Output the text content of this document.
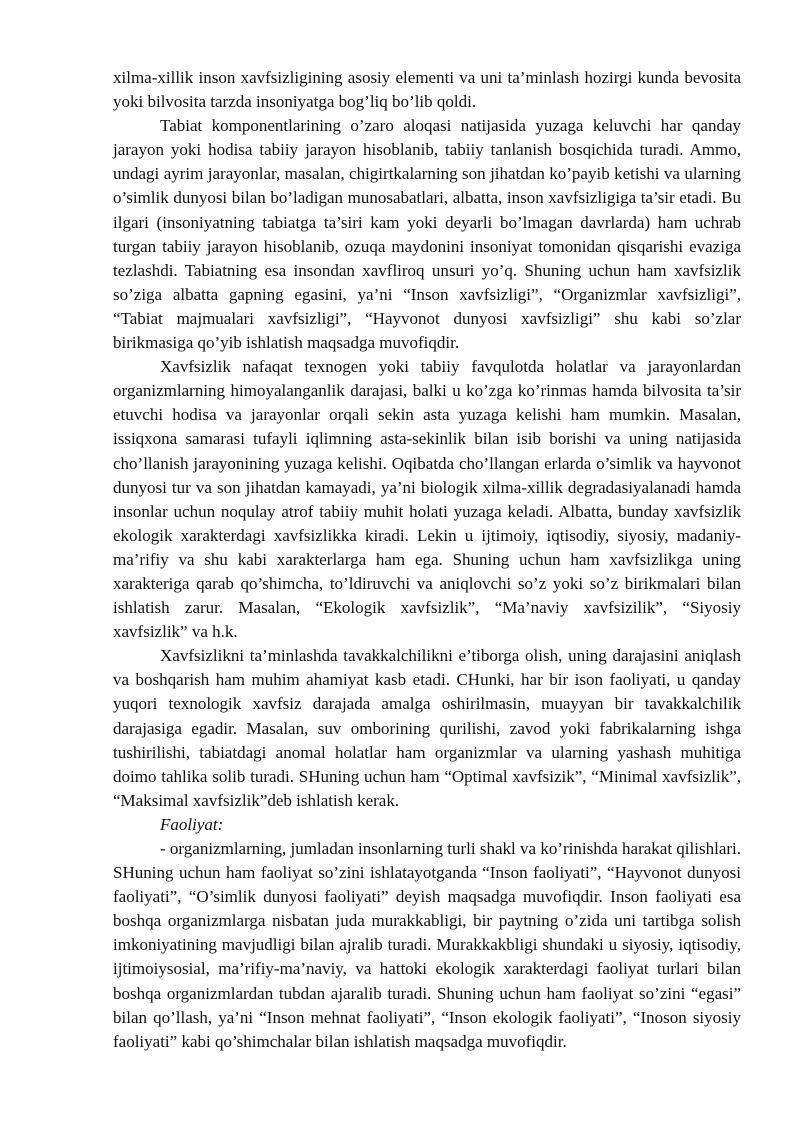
xilma-xillik inson xavfsizligining asosiy elementi va uni ta’minlash hozirgi kunda bevosita yoki bilvosita tarzda insoniyatga bog’liq bo’lib qoldi.

Tabiat komponentlarining o’zaro aloqasi natijasida yuzaga keluvchi har qanday jarayon yoki hodisa tabiiy jarayon hisoblanib, tabiiy tanlanish bosqichida turadi. Ammo, undagi ayrim jarayonlar, masalan, chigirtkalarning son jihatdan ko’payib ketishi va ularning o’simlik dunyosi bilan bo’ladigan munosabatlari, albatta, inson xavfsizligiga ta’sir etadi. Bu ilgari (insoniyatning tabiatga ta’siri kam yoki deyarli bo’lmagan davrlarda) ham uchrab turgan tabiiy jarayon hisoblanib, ozuqa maydonini insoniyat tomonidan qisqarishi evaziga tezlashdi. Tabiatning esa insondan xavfliroq unsuri yo’q. Shuning uchun ham xavfsizlik so’ziga albatta gapning egasini, ya’ni “Inson xavfsizligi”, “Organizmlar xavfsizligi”, “Tabiat majmualari xavfsizligi”, “Hayvonot dunyosi xavfsizligi” shu kabi so’zlar birikmasiga qo’yib ishlatish maqsadga muvofiqdir.

Xavfsizlik nafaqat texnogen yoki tabiiy favqulotda holatlar va jarayonlardan organizmlarning himoyalanganlik darajasi, balki u ko’zga ko’rinmas hamda bilvosita ta’sir etuvchi hodisa va jarayonlar orqali sekin asta yuzaga kelishi ham mumkin. Masalan, issiqxona samarasi tufayli iqlimning asta-sekinlik bilan isib borishi va uning natijasida cho’llanish jarayonining yuzaga kelishi. Oqibatda cho’llangan erlarda o’simlik va hayvonot dunyosi tur va son jihatdan kamayadi, ya’ni biologik xilma-xillik degradasiyalanadi hamda insonlar uchun noqulay atrof tabiiy muhit holati yuzaga keladi. Albatta, bunday xavfsizlik ekologik xarakterdagi xavfsizlikka kiradi. Lekin u ijtimoiy, iqtisodiy, siyosiy, madaniy-ma’rifiy va shu kabi xarakterlarga ham ega. Shuning uchun ham xavfsizlikga uning xarakteriga qarab qo’shimcha, to’ldiruvchi va aniqlovchi so’z yoki so’z birikmalari bilan ishlatish zarur. Masalan, “Ekologik xavfsizlik”, “Ma’naviy xavfsizilik”, “Siyosiy xavfsizlik” va h.k.

Xavfsizlikni ta’minlashda tavakkalchilikni e’tiborga olish, uning darajasini aniqlash va boshqarish ham muhim ahamiyat kasb etadi. CHunki, har bir ison faoliyati, u qanday yuqori texnologik xavfsiz darajada amalga oshirilmasin, muayyan bir tavakkalchilik darajasiga egadir. Masalan, suv omborining qurilishi, zavod yoki fabrikalarning ishga tushirilishi, tabiatdagi anomal holatlar ham organizmlar va ularning yashash muhitiga doimo tahlika solib turadi. SHuning uchun ham “Optimal xavfsizik”, “Minimal xavfsizlik”, “Maksimal xavfsizlik”deb ishlatish kerak.

Faoliyat:

- organizmlarning, jumladan insonlarning turli shakl va ko’rinishda harakat qilishlari. SHuning uchun ham faoliyat so’zini ishlatayotganda “Inson faoliyati”, “Hayvonot dunyosi faoliyati”, “O’simlik dunyosi faoliyati” deyish maqsadga muvofiqdir. Inson faoliyati esa boshqa organizmlarga nisbatan juda murakkabligi, bir paytning o’zida uni tartibga solish imkoniyatining mavjudligi bilan ajralib turadi. Murakkakbligi shundaki u siyosiy, iqtisodiy, ijtimoiysosial, ma’rifiy-ma’naviy, va hattoki ekologik xarakterdagi faoliyat turlari bilan boshqa organizmlardan tubdan ajaralib turadi. Shuning uchun ham faoliyat so’zini “egasi” bilan qo’llash, ya’ni “Inson mehnat faoliyati”, “Inson ekologik faoliyati”, “Inoson siyosiy faoliyati” kabi qo’shimchalar bilan ishlatish maqsadga muvofiqdir.
